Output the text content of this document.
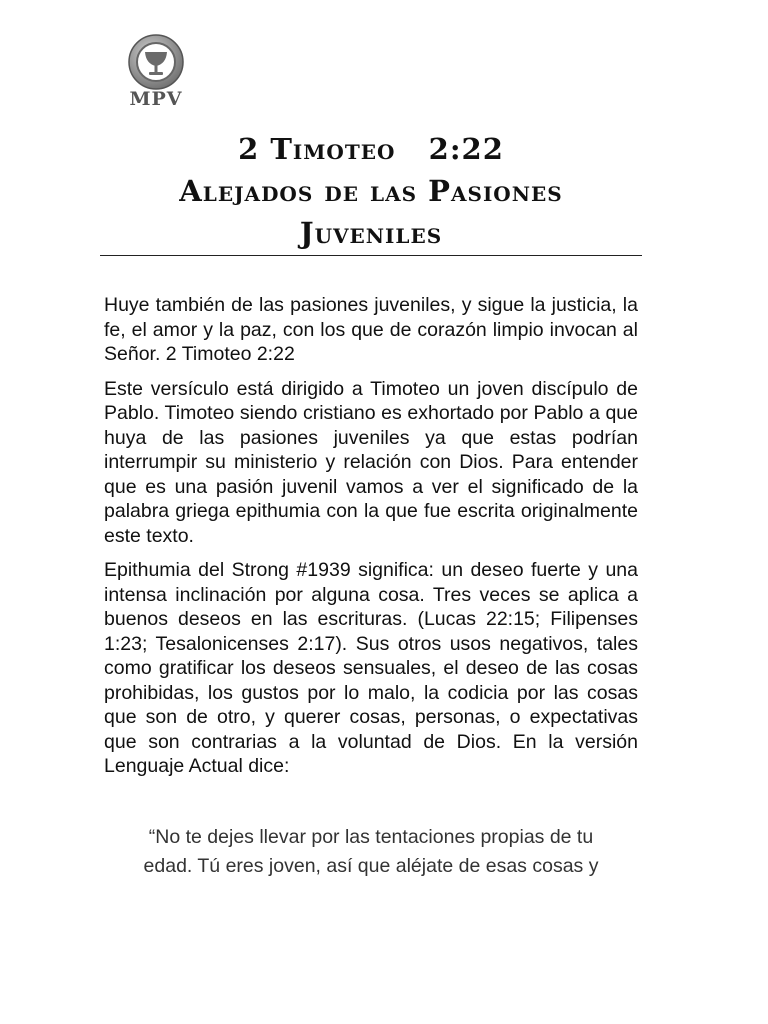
MPV
2 Timoteo   2:22
Alejados de las Pasiones
Juveniles

Huye también de las pasiones juveniles, y sigue la justicia, la fe, el amor y la paz, con los que de corazón limpio invocan al Señor. 2 Timoteo 2:22

Este versículo está dirigido a Timoteo un joven discípulo de Pablo. Timoteo siendo cristiano es exhortado por Pablo a que huya de las pasiones juveniles ya que estas podrían interrumpir su ministerio y relación con Dios. Para entender que es una pasión juvenil vamos a ver el significado de la palabra griega epithumia con la que fue escrita originalmente este texto.

Epithumia del Strong #1939 significa: un deseo fuerte y una intensa inclinación por alguna cosa. Tres veces se aplica a buenos deseos en las escrituras. (Lucas 22:15; Filipenses 1:23; Tesalonicenses 2:17). Sus otros usos negativos, tales como gratificar los deseos sensuales, el deseo de las cosas prohibidas, los gustos por lo malo, la codicia por las cosas que son de otro, y querer cosas, personas, o expectativas que son contrarias a la voluntad de Dios. En la versión Lenguaje Actual dice:

“No te dejes llevar por las tentaciones propias de tu
edad. Tú eres joven, así que aléjate de esas cosas y
